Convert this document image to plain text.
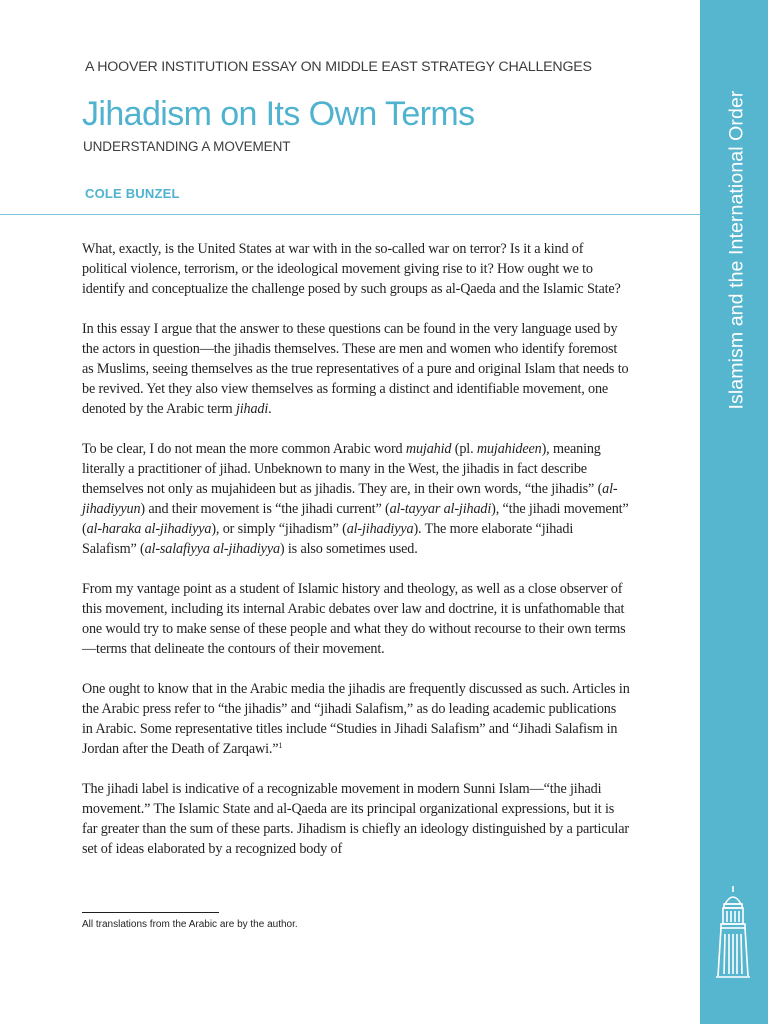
A HOOVER INSTITUTION ESSAY ON MIDDLE EAST STRATEGY CHALLENGES
Jihadism on Its Own Terms
UNDERSTANDING A MOVEMENT
COLE BUNZEL

What, exactly, is the United States at war with in the so-called war on terror? Is it a kind of political violence, terrorism, or the ideological movement giving rise to it? How ought we to identify and conceptualize the challenge posed by such groups as al-Qaeda and the Islamic State?

In this essay I argue that the answer to these questions can be found in the very language used by the actors in question—the jihadis themselves. These are men and women who identify foremost as Muslims, seeing themselves as the true representatives of a pure and original Islam that needs to be revived. Yet they also view themselves as forming a distinct and identifiable movement, one denoted by the Arabic term jihadi.

To be clear, I do not mean the more common Arabic word mujahid (pl. mujahideen), meaning literally a practitioner of jihad. Unbeknown to many in the West, the jihadis in fact describe themselves not only as mujahideen but as jihadis. They are, in their own words, “the jihadis” (al-jihadiyyun) and their movement is “the jihadi current” (al-tayyar al-jihadi), “the jihadi movement” (al-haraka al-jihadiyya), or simply “jihadism” (al-jihadiyya). The more elaborate “jihadi Salafism” (al-salafiyya al-jihadiyya) is also sometimes used.

From my vantage point as a student of Islamic history and theology, as well as a close observer of this movement, including its internal Arabic debates over law and doctrine, it is unfathomable that one would try to make sense of these people and what they do without recourse to their own terms—terms that delineate the contours of their movement.

One ought to know that in the Arabic media the jihadis are frequently discussed as such. Articles in the Arabic press refer to “the jihadis” and “jihadi Salafism,” as do leading academic publications in Arabic. Some representative titles include “Studies in Jihadi Salafism” and “Jihadi Salafism in Jordan after the Death of Zarqawi.”$^1$

The jihadi label is indicative of a recognizable movement in modern Sunni Islam—“the jihadi movement.” The Islamic State and al-Qaeda are its principal organizational expressions, but it is far greater than the sum of these parts. Jihadism is chiefly an ideology distinguished by a particular set of ideas elaborated by a recognized body of

All translations from the Arabic are by the author.
Islamism and the International Order
